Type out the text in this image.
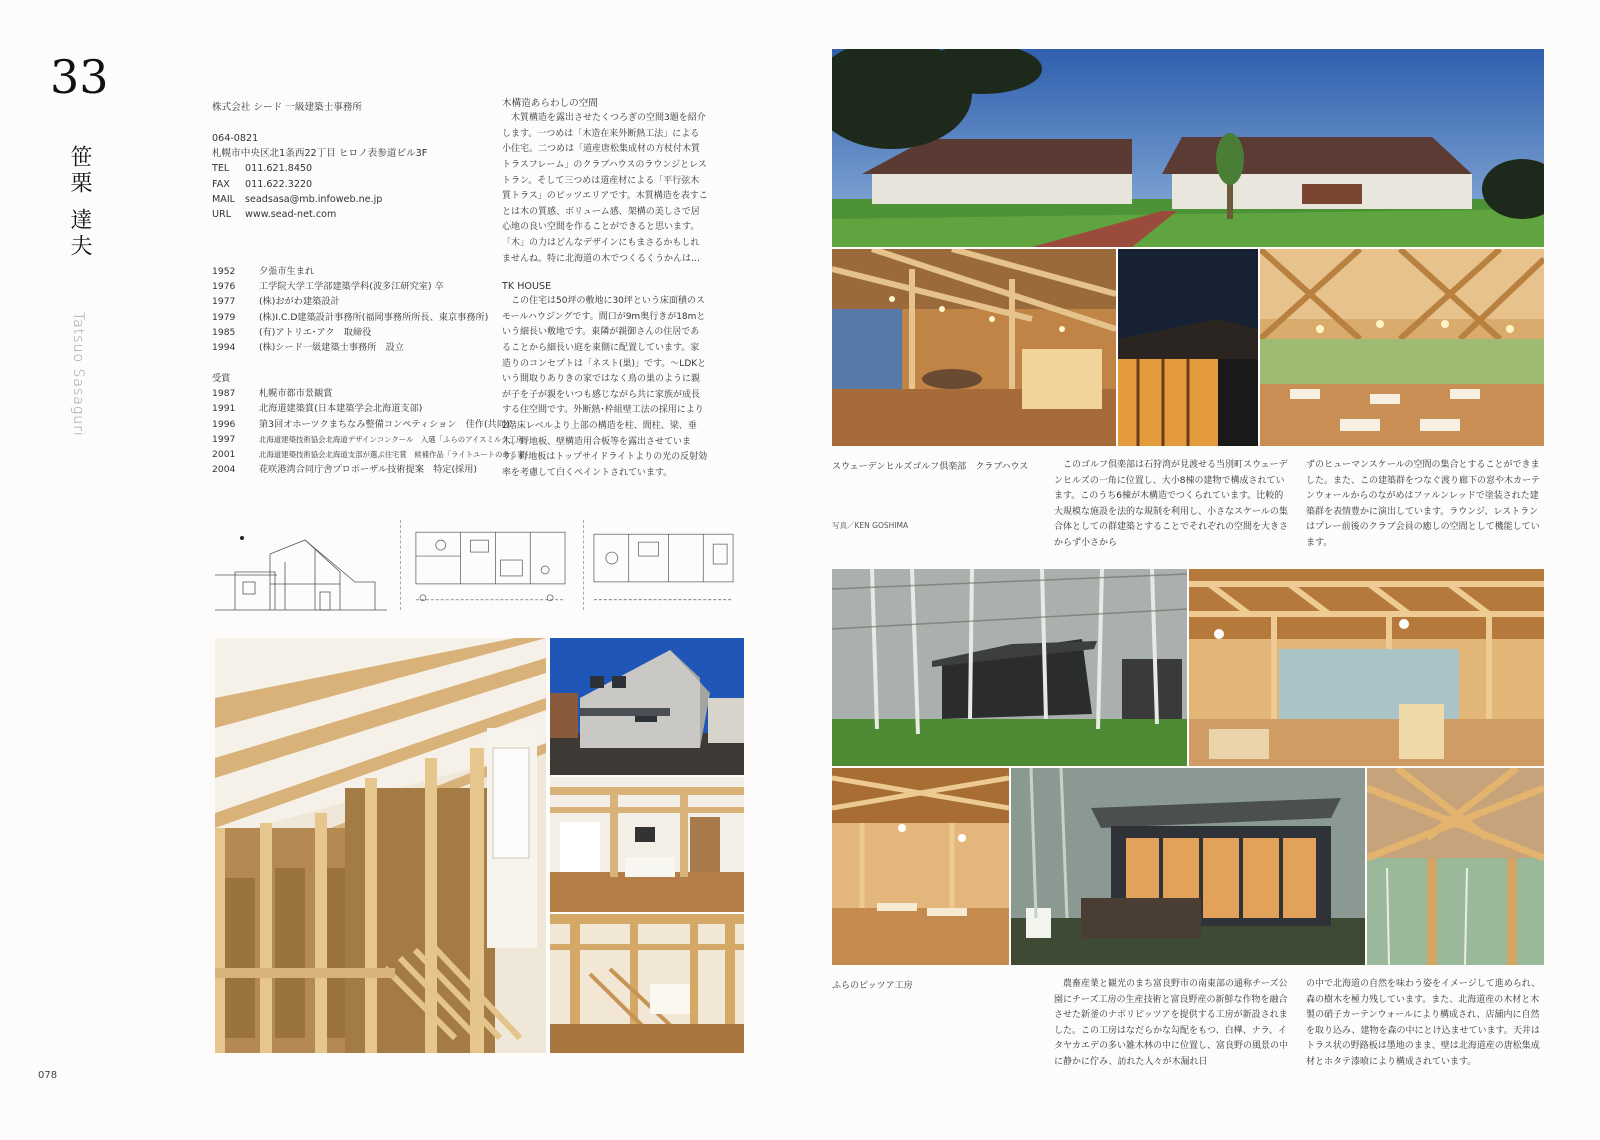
33
笹栗 達夫
Tatsuo Sasaguri
株式会社 シード 一級建築士事務所
064-0821
札幌市中央区北1条西22丁目 ヒロノ表参道ビル3F
TEL 011.621.8450
FAX 011.622.3220
MAIL seadsasa@mb.infoweb.ne.jp
URL www.sead-net.com
1952	夕張市生まれ
1976	工学院大学工学部建築学科(波多江研究室) 卒
1977	(株)おがわ建築設計
1979	(株)I.C.D建築設計事務所(福岡事務所所長、東京事務所)
1985	(有)アトリエ･アク　取締役
1994	(株)シード一級建築士事務所　設立
受賞
1987	札幌市都市景観賞
1991	北海道建築賞(日本建築学会北海道支部)
1996	第3回オホーツクまちなみ整備コンペティション　佳作(共同)
1997	北海道建築技術協会北海道デザインコンクール　入選「ふらのアイスミルク工房」
2001	北海道建築技術協会北海道支部が選ぶ住宅賞　候補作品「ライトユートのある家」
2004	花咲港湾合同庁舎プロポーザル技術提案　特定(採用)
木構造あらわしの空間
　木質構造を露出させたくつろぎの空間3題を紹介します。一つめは「木造在来外断熱工法」による小住宅。二つめは「道産唐松集成材の方杖付木質トラスフレーム」のクラブハウスのラウンジとレストラン。そして三つめは道産材による「平行弦木質トラス」のピッツエリアです。木質構造を表すことは木の質感、ボリューム感、架構の美しさで居心地の良い空間を作ることができると思います。「木」の力はどんなデザインにもまさるかもしれませんね。特に北海道の木でつくるくうかんは…
TK HOUSE
　この住宅は50坪の敷地に30坪という床面積のスモールハウジングです。間口が9m奥行きが18mという細長い敷地です。東隣が親御さんの住居であることから細長い庭を東側に配置しています。家造りのコンセプトは「ネスト(巣)」です。～LDKという間取りありきの家ではなく鳥の巣のように親が子を子が親をいつも感じながら共に家族が成長する住空間です。外断熱･枠組壁工法の採用により2階床レベルより上部の構造を柱、間柱、梁、垂木、野地板、壁構造用合板等を露出させています。野地板はトップサイドライトよりの光の反射効率を考慮して白くペイントされています。
078
スウェーデンヒルズゴルフ倶楽部　クラブハウス
写真／KEN GOSHIMA
　このゴルフ倶楽部は石狩湾が見渡せる当別町スウェーデンヒルズの一角に位置し、大小8棟の建物で構成されています。このうち6棟が木構造でつくられています。比較的大規模な施設を法的な規制を利用し、小さなスケールの集合体としての群建築とすることでそれぞれの空間を大きさからず小さから
ずのヒューマンスケールの空間の集合とすることができました。また、この建築群をつなぐ渡り廊下の窓や木カーテンウォールからのながめはファルンレッドで塗装された建築群を表情豊かに演出しています。ラウンジ、レストランはプレー前後のクラブ会員の癒しの空間として機能しています。
ふらのピッツア工房	　農畜産業と観光のまち富良野市の南東部の通称チーズ公園にチーズ工房の生産技術と富良野産の新鮮な作物を融合させた新釜のナポリピッツアを提供する工房が新設されました。この工房はなだらかな勾配をもつ、白樺、ナラ、イタヤカエデの多い雑木林の中に位置し、富良野の風景の中に静かに佇み、訪れた人々が木漏れ日
の中で北海道の自然を味わう姿をイメージして進められ、森の樹木を極力残しています。また、北海道産の木材と木製の硝子カーテンウォールにより構成され、店舗内に自然を取り込み、建物を森の中にとけ込ませています。天井はトラス状の野路板は墨地のまま、壁は北海道産の唐松集成材とホタテ漆喰により構成されています。
